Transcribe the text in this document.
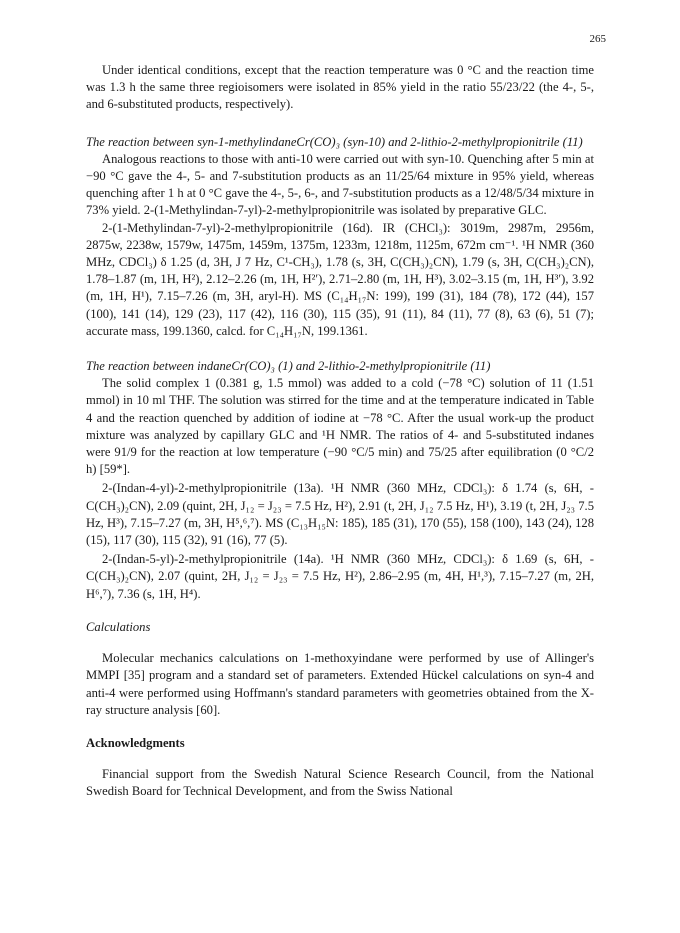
265

Under identical conditions, except that the reaction temperature was 0 °C and the reaction time was 1.3 h the same three regioisomers were isolated in 85% yield in the ratio 55/23/22 (the 4-, 5-, and 6-substituted products, respectively).

The reaction between syn-1-methylindaneCr(CO)₃ (syn-10) and 2-lithio-2-methylpropionitrile (11)

Analogous reactions to those with anti-10 were carried out with syn-10. Quenching after 5 min at −90 °C gave the 4-, 5- and 7-substitution products as an 11/25/64 mixture in 95% yield, whereas quenching after 1 h at 0 °C gave the 4-, 5-, 6-, and 7-substitution products as a 12/48/5/34 mixture in 73% yield. 2-(1-Methylindan-7-yl)-2-methylpropionitrile was isolated by preparative GLC.

2-(1-Methylindan-7-yl)-2-methylpropionitrile (16d). IR (CHCl₃): 3019m, 2987m, 2956m, 2875w, 2238w, 1579w, 1475m, 1459m, 1375m, 1233m, 1218m, 1125m, 672m cm⁻¹. ¹H NMR (360 MHz, CDCl₃) δ 1.25 (d, 3H, J 7 Hz, C¹-CH₃), 1.78 (s, 3H, C(CH₃)₂CN), 1.79 (s, 3H, C(CH₃)₂CN), 1.78–1.87 (m, 1H, H²), 2.12–2.26 (m, 1H, H²′), 2.71–2.80 (m, 1H, H³), 3.02–3.15 (m, 1H, H³′), 3.92 (m, 1H, H¹), 7.15–7.26 (m, 3H, aryl-H). MS (C₁₄H₁₇N: 199), 199 (31), 184 (78), 172 (44), 157 (100), 141 (14), 129 (23), 117 (42), 116 (30), 115 (35), 91 (11), 84 (11), 77 (8), 63 (6), 51 (7); accurate mass, 199.1360, calcd. for C₁₄H₁₇N, 199.1361.

The reaction between indaneCr(CO)₃ (1) and 2-lithio-2-methylpropionitrile (11)

The solid complex 1 (0.381 g, 1.5 mmol) was added to a cold (−78 °C) solution of 11 (1.51 mmol) in 10 ml THF. The solution was stirred for the time and at the temperature indicated in Table 4 and the reaction quenched by addition of iodine at −78 °C. After the usual work-up the product mixture was analyzed by capillary GLC and ¹H NMR. The ratios of 4- and 5-substituted indanes were 91/9 for the reaction at low temperature (−90 °C/5 min) and 75/25 after equilibration (0 °C/2 h) [59*].

2-(Indan-4-yl)-2-methylpropionitrile (13a). ¹H NMR (360 MHz, CDCl₃): δ 1.74 (s, 6H, -C(CH₃)₂CN), 2.09 (quint, 2H, J₁₂ = J₂₃ = 7.5 Hz, H²), 2.91 (t, 2H, J₁₂ 7.5 Hz, H¹), 3.19 (t, 2H, J₂₃ 7.5 Hz, H³), 7.15–7.27 (m, 3H, H⁵,⁶,⁷). MS (C₁₃H₁₅N: 185), 185 (31), 170 (55), 158 (100), 143 (24), 128 (15), 117 (30), 115 (32), 91 (16), 77 (5).

2-(Indan-5-yl)-2-methylpropionitrile (14a). ¹H NMR (360 MHz, CDCl₃): δ 1.69 (s, 6H, -C(CH₃)₂CN), 2.07 (quint, 2H, J₁₂ = J₂₃ = 7.5 Hz, H²), 2.86–2.95 (m, 4H, H¹,³), 7.15–7.27 (m, 2H, H⁶,⁷), 7.36 (s, 1H, H⁴).

Calculations

Molecular mechanics calculations on 1-methoxyindane were performed by use of Allinger's MMPI [35] program and a standard set of parameters. Extended Hückel calculations on syn-4 and anti-4 were performed using Hoffmann's standard parameters with geometries obtained from the X-ray structure analysis [60].

Acknowledgments

Financial support from the Swedish Natural Science Research Council, from the National Swedish Board for Technical Development, and from the Swiss National
